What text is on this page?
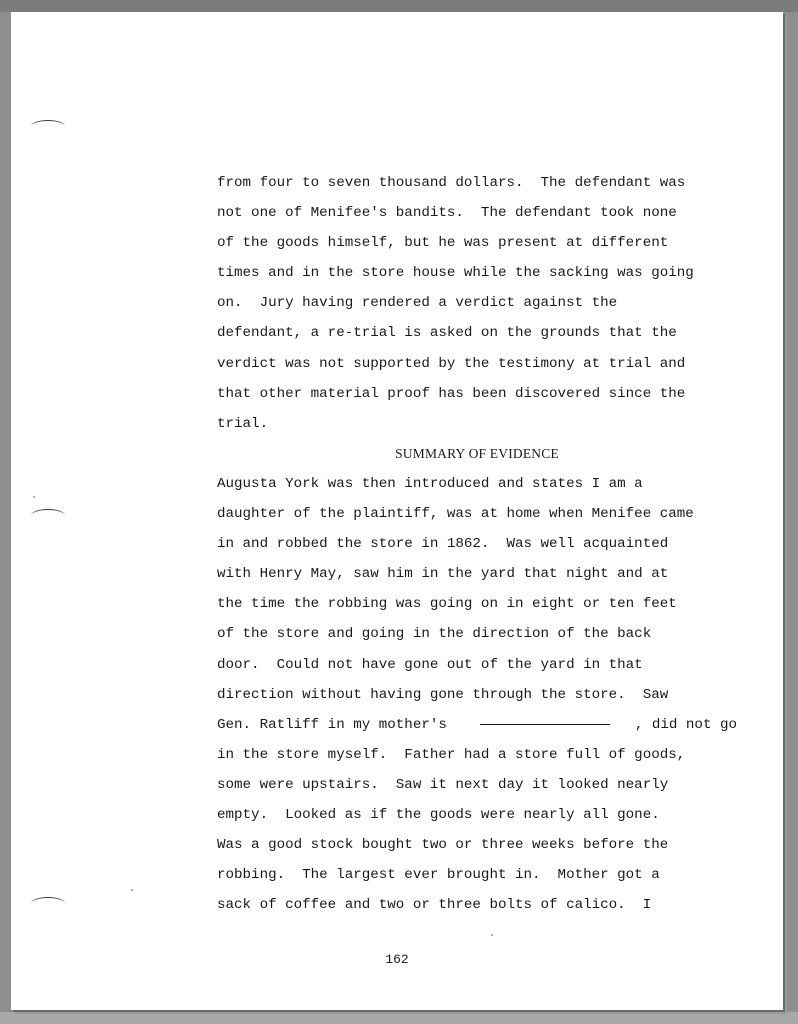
from four to seven thousand dollars.  The defendant was
not one of Menifee's bandits.  The defendant took none
of the goods himself, but he was present at different
times and in the store house while the sacking was going
on.  Jury having rendered a verdict against the
defendant, a re-trial is asked on the grounds that the
verdict was not supported by the testimony at trial and
that other material proof has been discovered since the
trial.
SUMMARY OF EVIDENCE
Augusta York was then introduced and states I am a
daughter of the plaintiff, was at home when Menifee came
in and robbed the store in 1862.  Was well acquainted
with Henry May, saw him in the yard that night and at
the time the robbing was going on in eight or ten feet
of the store and going in the direction of the back
door.  Could not have gone out of the yard in that
direction without having gone through the store.  Saw
Gen. Ratliff in my mother's	, did not go
in the store myself.  Father had a store full of goods,
some were upstairs.  Saw it next day it looked nearly
empty.  Looked as if the goods were nearly all gone.
Was a good stock bought two or three weeks before the
robbing.  The largest ever brought in.  Mother got a
sack of coffee and two or three bolts of calico.  I
162
